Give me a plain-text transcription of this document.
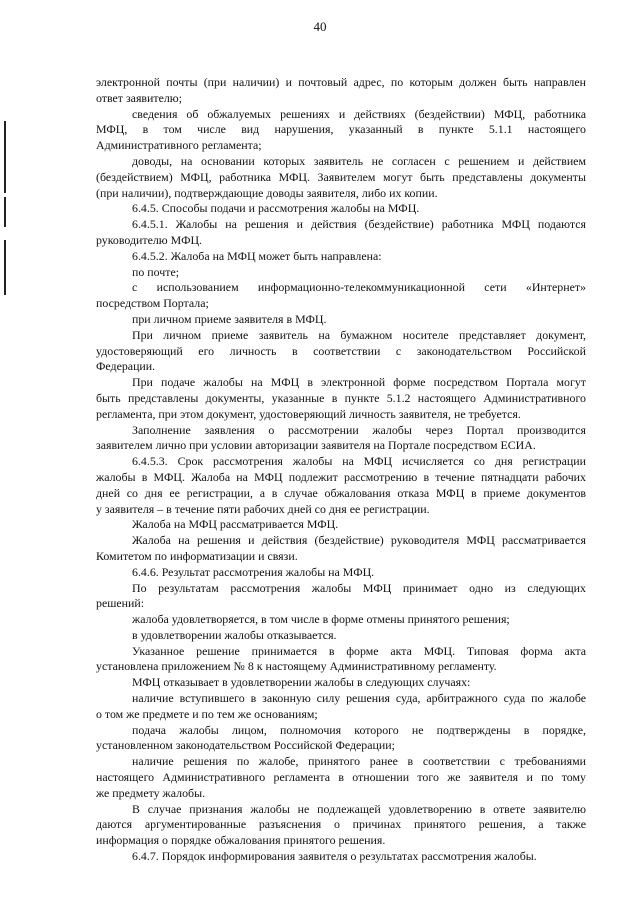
40
электронной почты (при наличии) и почтовый адрес, по которым должен быть направлен
ответ заявителю;
сведения об обжалуемых решениях и действиях (бездействии) МФЦ, работника
МФЦ, в том числе вид нарушения, указанный в пункте 5.1.1 настоящего
Административного регламента;
доводы, на основании которых заявитель не согласен с решением и действием
(бездействием) МФЦ, работника МФЦ. Заявителем могут быть представлены документы
(при наличии), подтверждающие доводы заявителя, либо их копии.
6.4.5. Способы подачи и рассмотрения жалобы на МФЦ.
6.4.5.1. Жалобы на решения и действия (бездействие) работника МФЦ подаются
руководителю МФЦ.
6.4.5.2. Жалоба на МФЦ может быть направлена:
по почте;
с использованием информационно-телекоммуникационной сети «Интернет»
посредством Портала;
при личном приеме заявителя в МФЦ.
При личном приеме заявитель на бумажном носителе представляет документ,
удостоверяющий его личность в соответствии с законодательством Российской
Федерации.
При подаче жалобы на МФЦ в электронной форме посредством Портала могут
быть представлены документы, указанные в пункте 5.1.2 настоящего Административного
регламента, при этом документ, удостоверяющий личность заявителя, не требуется.
Заполнение заявления о рассмотрении жалобы через Портал производится
заявителем лично при условии авторизации заявителя на Портале посредством ЕСИА.
6.4.5.3. Срок рассмотрения жалобы на МФЦ исчисляется со дня регистрации
жалобы в МФЦ. Жалоба на МФЦ подлежит рассмотрению в течение пятнадцати рабочих
дней со дня ее регистрации, а в случае обжалования отказа МФЦ в приеме документов
у заявителя – в течение пяти рабочих дней со дня ее регистрации.
Жалоба на МФЦ рассматривается МФЦ.
Жалоба на решения и действия (бездействие) руководителя МФЦ рассматривается
Комитетом по информатизации и связи.
6.4.6. Результат рассмотрения жалобы на МФЦ.
По результатам рассмотрения жалобы МФЦ принимает одно из следующих
решений:
жалоба удовлетворяется, в том числе в форме отмены принятого решения;
в удовлетворении жалобы отказывается.
Указанное решение принимается в форме акта МФЦ. Типовая форма акта
установлена приложением № 8 к настоящему Административному регламенту.
МФЦ отказывает в удовлетворении жалобы в следующих случаях:
наличие вступившего в законную силу решения суда, арбитражного суда по жалобе
о том же предмете и по тем же основаниям;
подача жалобы лицом, полномочия которого не подтверждены в порядке,
установленном законодательством Российской Федерации;
наличие решения по жалобе, принятого ранее в соответствии с требованиями
настоящего Административного регламента в отношении того же заявителя и по тому
же предмету жалобы.
В случае признания жалобы не подлежащей удовлетворению в ответе заявителю
даются аргументированные разъяснения о причинах принятого решения, а также
информация о порядке обжалования принятого решения.
6.4.7. Порядок информирования заявителя о результатах рассмотрения жалобы.
